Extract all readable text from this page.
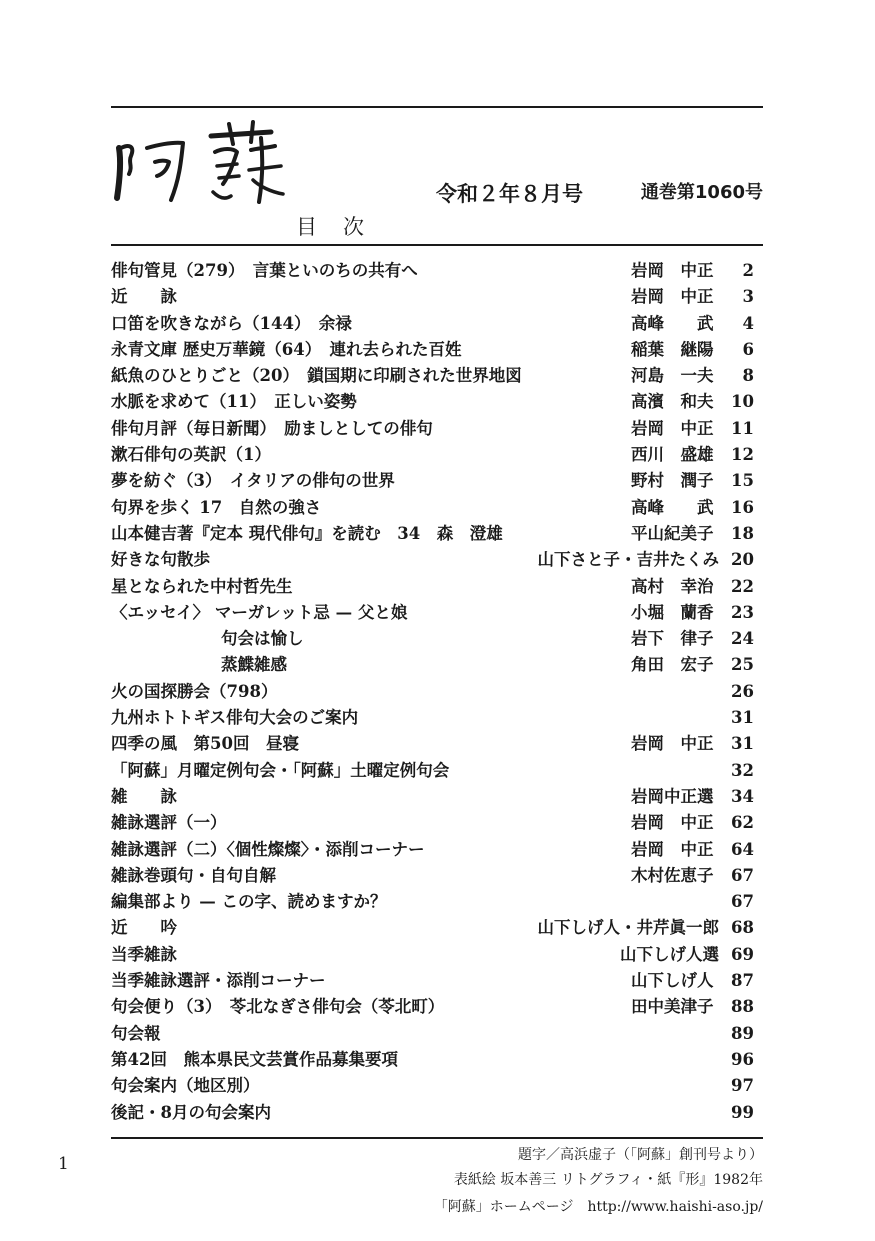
令和２年８月号	通巻第1060号
目次
俳句管見（279）　言葉といのちの共有へ	岩岡　中正	2
近　　詠	岩岡　中正	3
口笛を吹きながら（144）　余禄	高峰　　武	4
永青文庫 歴史万華鏡（64）　連れ去られた百姓	稲葉　継陽	6
紙魚のひとりごと（20）　鎖国期に印刷された世界地図	河島　一夫	8
水脈を求めて（11）　正しい姿勢	高濱　和夫	10
俳句月評（毎日新聞）　励ましとしての俳句	岩岡　中正	11
漱石俳句の英訳（1）	西川　盛雄	12
夢を紡ぐ（3）　イタリアの俳句の世界	野村　潤子	15
句界を歩く 17　自然の強さ	高峰　　武	16
山本健吉著『定本 現代俳句』を読む　34　森　澄雄	平山紀美子	18
好きな句散歩	山下さと子・吉井たくみ 20
星となられた中村哲先生	高村　幸治	22
〈エッセイ〉 マーガレット忌 — 父と娘	小堀　蘭香	23
句会は愉し	岩下　律子	24
蒸鰈雑感	角田　宏子	25
火の国探勝会（798）	26
九州ホトトギス俳句大会のご案内	31
四季の風　第50回　昼寝	岩岡　中正	31
「阿蘇」月曜定例句会・「阿蘇」土曜定例句会	32
雑　　詠	岩岡中正選	34
雑詠選評（一）	岩岡　中正	62
雑詠選評（二）〈個性燦燦〉・添削コーナー	岩岡　中正	64
雑詠巻頭句・自句自解	木村佐恵子	67
編集部より — この字、読めますか？	67
近　　吟	山下しげ人・井芹眞一郎 68
当季雑詠	山下しげ人選 69
当季雑詠選評・添削コーナー	山下しげ人	87
句会便り（3）　苓北なぎさ俳句会（苓北町）	田中美津子	88
句会報	89
第42回　熊本県民文芸賞作品募集要項	96
句会案内（地区別）	97
後記・8月の句会案内	99
1	題字／高浜虚子（「阿蘇」創刊号より）
表紙絵 坂本善三 リトグラフィ・紙『形』1982年
「阿蘇」ホームページ　http://www.haishi-aso.jp/
